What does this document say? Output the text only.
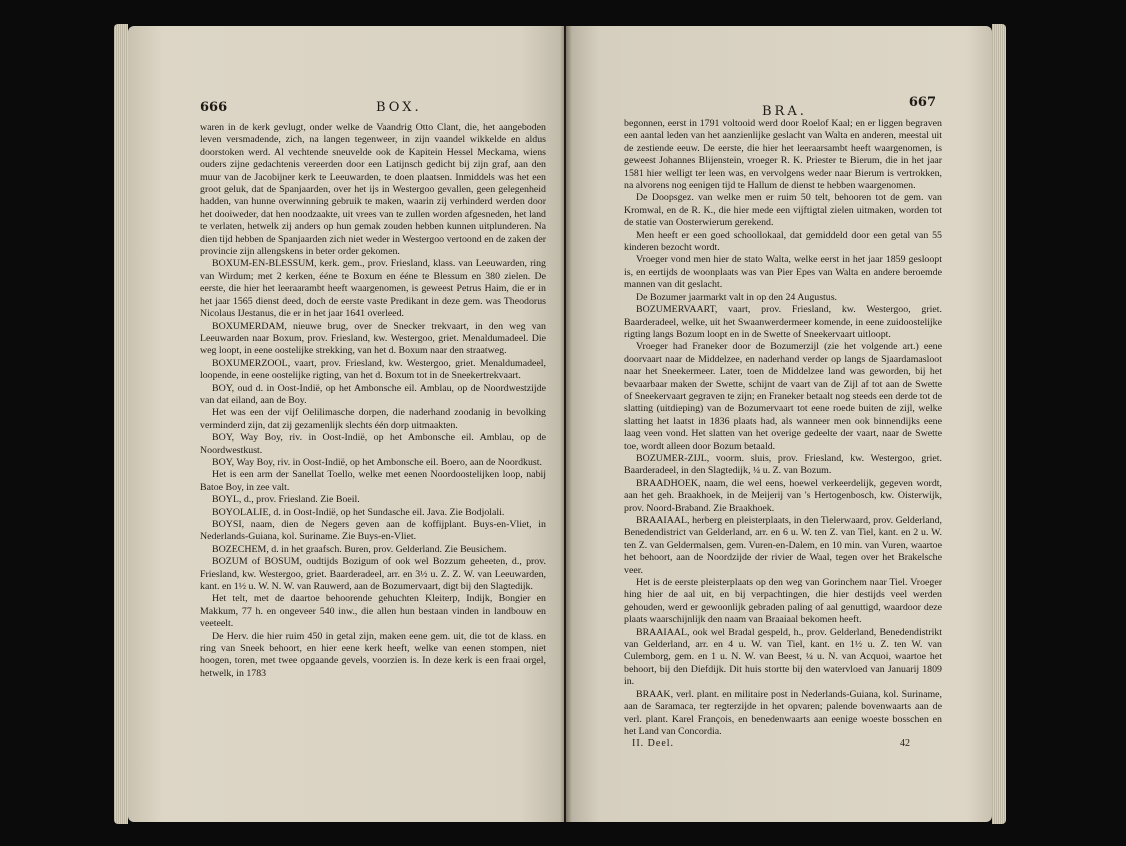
666	BOX.

waren in de kerk gevlugt, onder welke de Vaandrig Otto Clant, die, het aangeboden leven versmadende, zich, na langen tegenweer, in zijn vaandel wikkelde en aldus doorstoken werd. Al vechtende sneuvelde ook de Kapitein Hessel Meckama, wiens ouders zijne gedachtenis vereerden door een Latijnsch gedicht bij zijn graf, aan den muur van de Jacobijner kerk te Leeuwarden, te doen plaatsen. Inmiddels was het een groot geluk, dat de Spanjaarden, over het ijs in Westergoo gevallen, geen gelegenheid hadden, van hunne overwinning gebruik te maken, waarin zij verhinderd werden door het dooiweder, dat hen noodzaakte, uit vrees van te zullen worden afgesneden, het land te verlaten, hetwelk zij anders op hun gemak zouden hebben kunnen uitplunderen. Na dien tijd hebben de Spanjaarden zich niet weder in Westergoo vertoond en de zaken der provincie zijn allengskens in beter order gekomen.

BOXUM-EN-BLESSUM, kerk. gem., prov. Friesland, klass. van Leeuwarden, ring van Wirdum; met 2 kerken, ééne te Boxum en ééne te Blessum en 380 zielen. De eerste, die hier het leeraarambt heeft waargenomen, is geweest Petrus Haim, die er in het jaar 1565 dienst deed, doch de eerste vaste Predikant in deze gem. was Theodorus Nicolaus IJestanus, die er in het jaar 1641 overleed.

BOXUMERDAM, nieuwe brug, over de Snecker trekvaart, in den weg van Leeuwarden naar Boxum, prov. Friesland, kw. Westergoo, griet. Menaldumadeel. Die weg loopt, in eene oostelijke strekking, van het d. Boxum naar den straatweg.

BOXUMERZOOL, vaart, prov. Friesland, kw. Westergoo, griet. Menaldumadeel, loopende, in eene oostelijke rigting, van het d. Boxum tot in de Sneekertrekvaart.

BOY, oud d. in Oost-Indië, op het Ambonsche eil. Amblau, op de Noordwestzijde van dat eiland, aan de Boy.

Het was een der vijf Oelilimasche dorpen, die naderhand zoodanig in bevolking verminderd zijn, dat zij gezamenlijk slechts één dorp uitmaakten.

BOY, Way Boy, riv. in Oost-Indië, op het Ambonsche eil. Amblau, op de Noordwestkust.

BOY, Way Boy, riv. in Oost-Indië, op het Ambonsche eil. Boero, aan de Noordkust.

Het is een arm der Sanellat Toello, welke met eenen Noordoostelijken loop, nabij Batoe Boy, in zee valt.

BOYL, d., prov. Friesland. Zie Boeil.

BOYOLALIE, d. in Oost-Indië, op het Sundasche eil. Java. Zie Bodjolali.

BOYSI, naam, dien de Negers geven aan de koffijplant. Buys-en-Vliet, in Nederlands-Guiana, kol. Suriname. Zie Buys-en-Vliet.

BOZECHEM, d. in het graafsch. Buren, prov. Gelderland. Zie Beusichem.

BOZUM of BOSUM, oudtijds Bozigum of ook wel Bozzum geheeten, d., prov. Friesland, kw. Westergoo, griet. Baarderadeel, arr. en 3½ u. Z. Z. W. van Leeuwarden, kant. en 1½ u. W. N. W. van Rauwerd, aan de Bozumervaart, digt bij den Slagtedijk.

Het telt, met de daartoe behoorende gehuchten Kleiterp, Indijk, Bongier en Makkum, 77 h. en ongeveer 540 inw., die allen hun bestaan vinden in landbouw en veeteelt.

De Herv. die hier ruim 450 in getal zijn, maken eene gem. uit, die tot de klass. en ring van Sneek behoort, en hier eene kerk heeft, welke van eenen stompen, niet hoogen, toren, met twee opgaande gevels, voorzien is. In deze kerk is een fraai orgel, hetwelk, in 1783

BRA.
667

begonnen, eerst in 1791 voltooid werd door Roelof Kaal; en er liggen begraven een aantal leden van het aanzienlijke geslacht van Walta en anderen, meestal uit de zestiende eeuw. De eerste, die hier het leeraarsambt heeft waargenomen, is geweest Johannes Blijenstein, vroeger R. K. Priester te Bierum, die in het jaar 1581 hier welligt ter leen was, en vervolgens weder naar Bierum is vertrokken, na alvorens nog eenigen tijd te Hallum de dienst te hebben waargenomen.

De Doopsgez. van welke men er ruim 50 telt, behooren tot de gem. van Kromwal, en de R. K., die hier mede een vijftigtal zielen uitmaken, worden tot de statie van Oosterwierum gerekend.

Men heeft er een goed schoollokaal, dat gemiddeld door een getal van 55 kinderen bezocht wordt.

Vroeger vond men hier de stato Walta, welke eerst in het jaar 1859 gesloopt is, en eertijds de woonplaats was van Pier Epes van Walta en andere beroemde mannen van dit geslacht.

De Bozumer jaarmarkt valt in op den 24 Augustus.

BOZUMERVAART, vaart, prov. Friesland, kw. Westergoo, griet. Baarderadeel, welke, uit het Swaanwerdermeer komende, in eene zuidoostelijke rigting langs Bozum loopt en in de Swette of Sneekervaart uitloopt.

Vroeger had Franeker door de Bozumerzijl (zie het volgende art.) eene doorvaart naar de Middelzee, en naderhand verder op langs de Sjaardamasloot naar het Sneekermeer. Later, toen de Middelzee land was geworden, bij het bevaarbaar maken der Swette, schijnt de vaart van de Zijl af tot aan de Swette of Sneekervaart gegraven te zijn; en Franeker betaalt nog steeds een derde tot de slatting (uitdieping) van de Bozumervaart tot eene roede buiten de zijl, welke slatting het laatst in 1836 plaats had, als wanneer men ook binnendijks eene laag veen vond. Het slatten van het overige gedeelte der vaart, naar de Swette toe, wordt alleen door Bozum betaald.

BOZUMER-ZIJL, voorm. sluis, prov. Friesland, kw. Westergoo, griet. Baarderadeel, in den Slagtedijk, ¼ u. Z. van Bozum.

BRAADHOEK, naam, die wel eens, hoewel verkeerdelijk, gegeven wordt, aan het geh. Braakhoek, in de Meijerij van 's Hertogenbosch, kw. Oisterwijk, prov. Noord-Braband. Zie Braakhoek.

BRAAIAAL, herberg en pleisterplaats, in den Tielerwaard, prov. Gelderland, Benedendistrict van Gelderland, arr. en 6 u. W. ten Z. van Tiel, kant. en 2 u. W. ten Z. van Geldermalsen, gem. Vuren-en-Dalem, en 10 min. van Vuren, waartoe het behoort, aan de Noordzijde der rivier de Waal, tegen over het Brakelsche veer.

Het is de eerste pleisterplaats op den weg van Gorinchem naar Tiel. Vroeger hing hier de aal uit, en bij verpachtingen, die hier destijds veel werden gehouden, werd er gewoonlijk gebraden paling of aal genuttigd, waardoor deze plaats waarschijnlijk den naam van Braaiaal bekomen heeft.

BRAAIAAL, ook wel Bradal gespeld, h., prov. Gelderland, Benedendistrikt van Gelderland, arr. en 4 u. W. van Tiel, kant. en 1½ u. Z. ten W. van Culemborg, gem. en 1 u. N. W. van Beest, ¼ u. N. van Acquoi, waartoe het behoort, bij den Diefdijk. Dit huis stortte bij den watervloed van Januarij 1809 in.

BRAAK, verl. plant. en militaire post in Nederlands-Guiana, kol. Suriname, aan de Saramaca, ter regterzijde in het opvaren; palende bovenwaarts aan de verl. plant. Karel François, en benedenwaarts aan eenige woeste bosschen en het Land van Concordia.

II. Deel.	42
